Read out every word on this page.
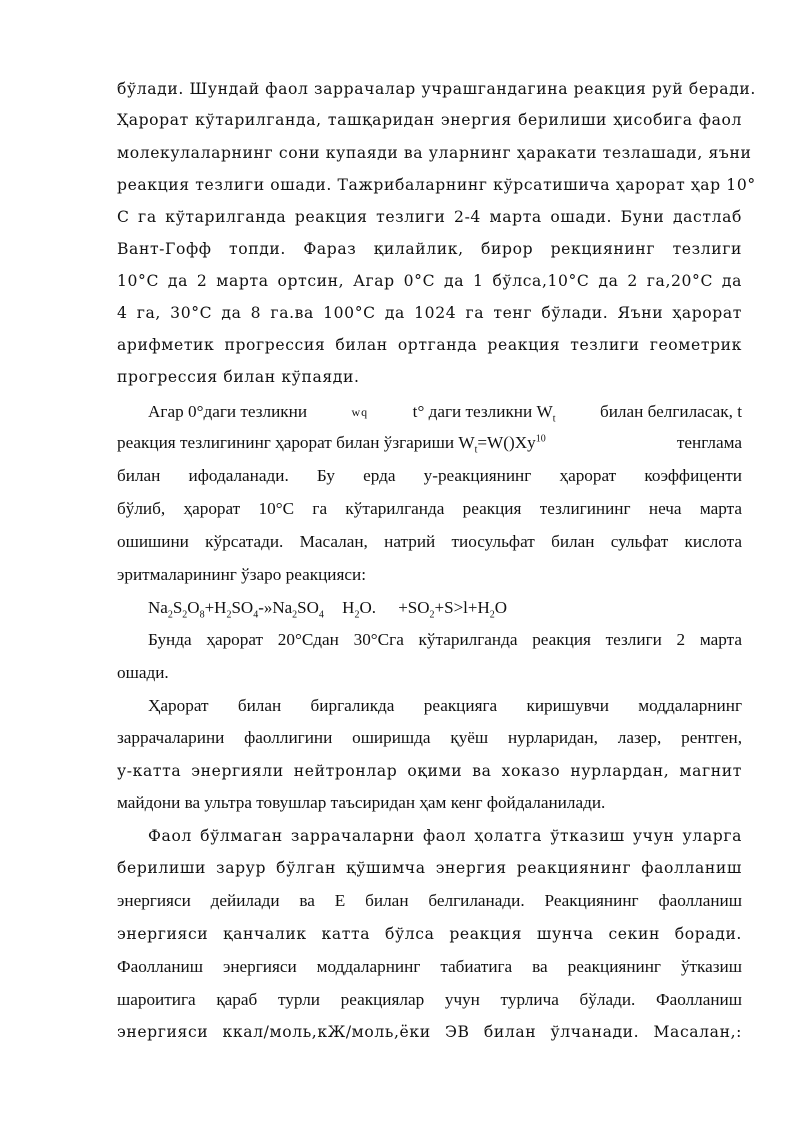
бўлади. Шундай фаол заррачалар учрашгандагина реакция руй беради.
Ҳарорат кўтарилганда, ташқаридан энергия берилиши ҳисобига фаол
молекулаларнинг сони купаяди ва уларнинг ҳаракати тезлашади, яъни
реакция тезлиги ошади. Тажрибаларнинг кўрсатишича ҳарорат ҳар 10°
С га кўтарилганда реакция тезлиги 2-4 марта ошади. Буни дастлаб
Вант-Гофф топди. Фараз қилайлик, бирор рекциянинг тезлиги
10°С да 2 марта ортсин, Агар 0°С да 1 бўлса,10°С да 2 га,20°С да
4 га, 30°С да 8 га.ва 100°С да 1024 га тенг бўлади. Яъни ҳарорат
арифметик прогрессия билан ортганда реакция тезлиги геометрик
прогрессия билан кўпаяди.
Агар 0°даги тезликни	wq	t° даги тезликни $W_t$	билан белгиласак, t
реакция тезлигининг ҳарорат билан ўзгариши $W_t=W()Xy^{10}$	тенглама
билан ифодаланади. Бу ерда у-реакциянинг ҳарорат коэффиценти
бўлиб, ҳарорат 10°С га кўтарилганда реакция тезлигининг неча марта
ошишини кўрсатади. Масалан, натрий тиосульфат билан сульфат кислота
эритмаларининг ўзаро реакцияси:
$Na_2S_2O_8+H_2SO_4-»Na_2SO_4$ $H_2O$. $+SO_2+S>l+H_2O$
Бунда ҳарорат 20°Сдан 30°Сга кўтарилганда реакция тезлиги 2 марта
ошади.
Ҳарорат билан биргаликда реакцияга киришувчи моддаларнинг
заррачаларини фаоллигини оширишда қуёш нурларидан, лазер, рентген,
у-катта энергияли нейтронлар оқими ва хоказо нурлардан, магнит
майдони ва ультра товушлар таъсиридан ҳам кенг фойдаланилади.
Фаол бўлмаган заррачаларни фаол ҳолатга ўтказиш учун уларга
берилиши зарур бўлган қўшимча энергия реакциянинг фаолланиш
энергияси дейилади ва Е билан белгиланади. Реакциянинг фаолланиш
энергияси қанчалик катта бўлса реакция шунча секин боради.
Фаолланиш энергияси моддаларнинг табиатига ва реакциянинг ўтказиш
шароитига қараб турли реакциялар учун турлича бўлади. Фаолланиш
энергияси ккал/моль,кЖ/моль,ёки ЭВ билан ўлчанади. Масалан,:
